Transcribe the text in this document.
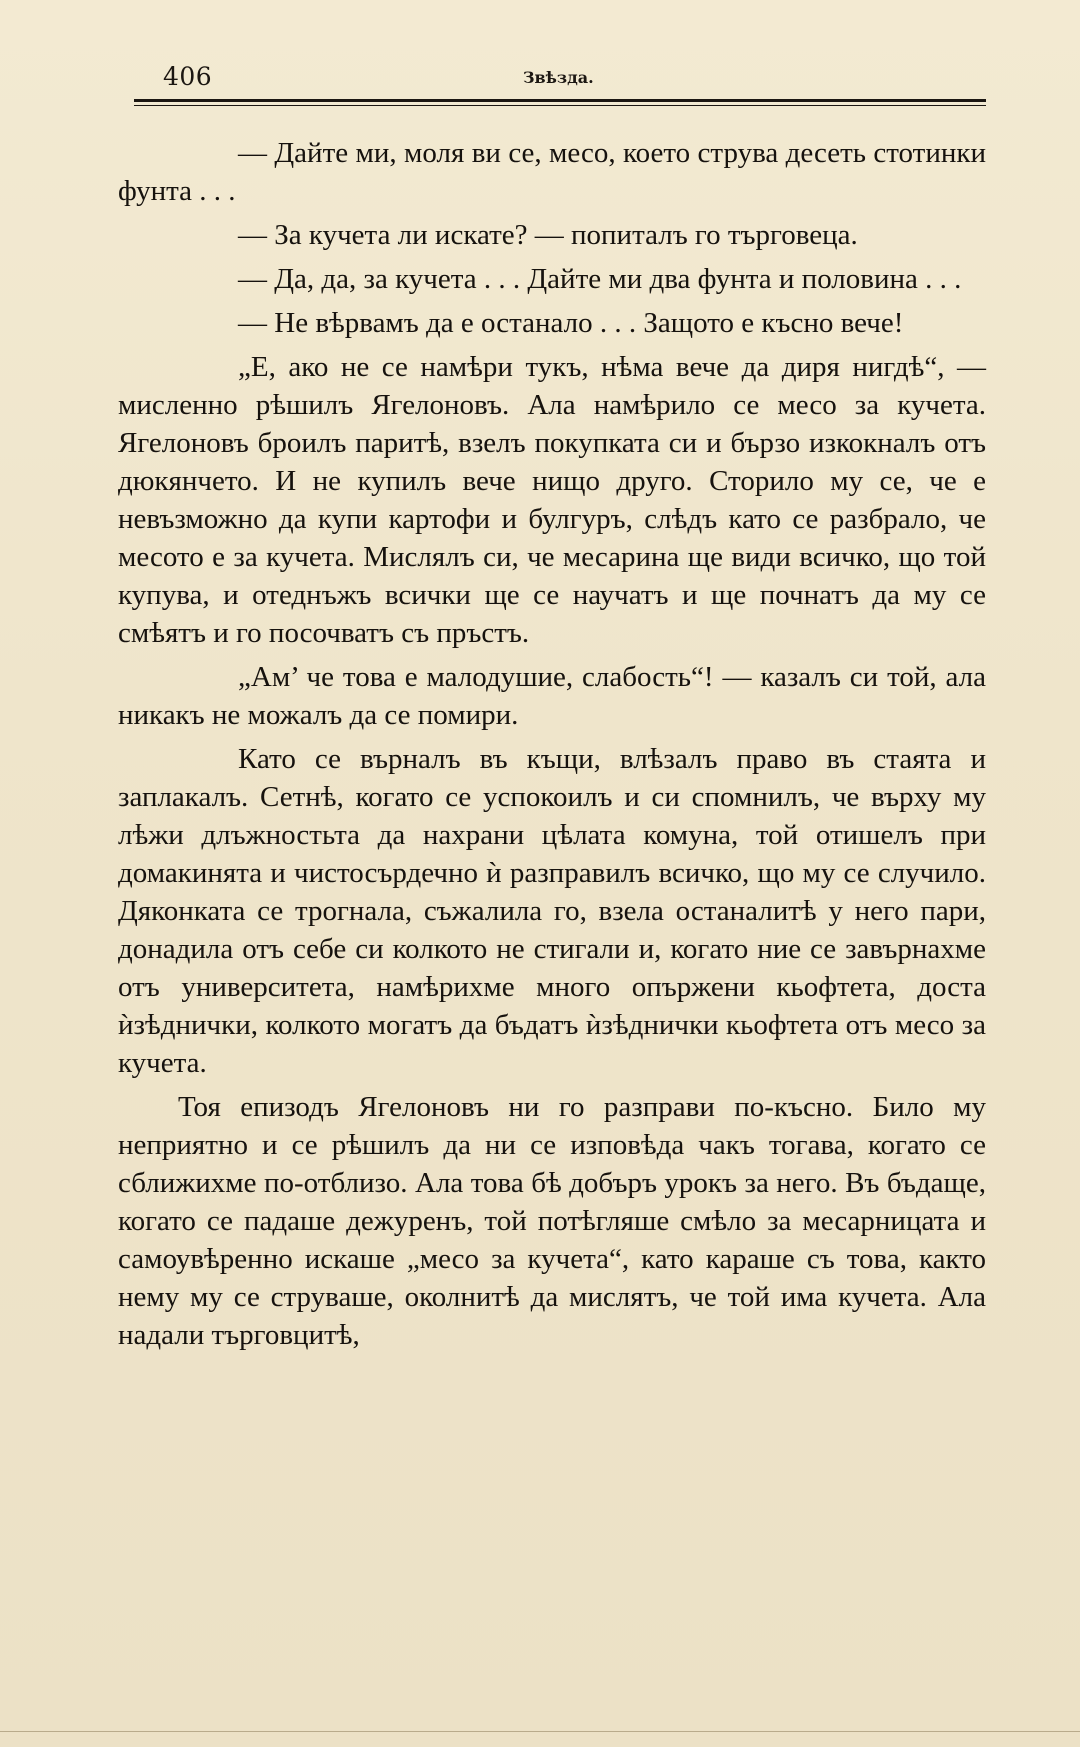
406	Звѣзда.

— Дайте ми, моля ви се, месо, което струва десеть стотинки фунта . . .

— За кучета ли искате? — попиталъ го търговеца.

— Да, да, за кучета . . . Дайте ми два фунта и половина . . .

— Не вѣрвамъ да е останало . . . Защото е късно вече!

„Е, ако не се намѣри тукъ, нѣма вече да диря нигдѣ“, — мисленно рѣшилъ Ягелоновъ. Ала намѣрило се месо за кучета. Ягелоновъ броилъ паритѣ, взелъ покупката си и бързо изкокналъ отъ дюкянчето. И не купилъ вече нищо друго. Сторило му се, че е невъзможно да купи картофи и булгуръ, слѣдъ като се разбрало, че месото е за кучета. Мислялъ си, че месарина ще види всичко, що той купува, и отеднъжъ всички ще се научатъ и ще почнатъ да му се смѣятъ и го посочватъ съ пръстъ.

„Ам’ че това е малодушие, слабость“! — казалъ си той, ала никакъ не можалъ да се помири.

Като се върналъ въ къщи, влѣзалъ право въ стаята и заплакалъ. Сетнѣ, когато се успокоилъ и си спомнилъ, че върху му лѣжи длъжностьта да нахрани цѣлата комуна, той отишелъ при домакинята и чистосърдечно ѝ разправилъ всичко, що му се случило. Дяконката се трогнала, съжалила го, взела останалитѣ у него пари, донадила отъ себе си колкото не стигали и, когато ние се завърнахме отъ университета, намѣрихме много опържени кьофтета, доста ѝзѣднички, колкото могатъ да бъдатъ ѝзѣднички кьофтета отъ месо за кучета.

Тоя епизодъ Ягелоновъ ни го разправи по-късно. Било му неприятно и се рѣшилъ да ни се изповѣда чакъ тогава, когато се сближихме по-отблизо. Ала това бѣ добъръ урокъ за него. Въ бъдаще, когато се падаше дежуренъ, той потѣгляше смѣло за месарницата и самоувѣренно искаше „месо за кучета“, като караше съ това, както нему му се струваше, околнитѣ да мислятъ, че той има кучета. Ала надали търговцитѣ,
